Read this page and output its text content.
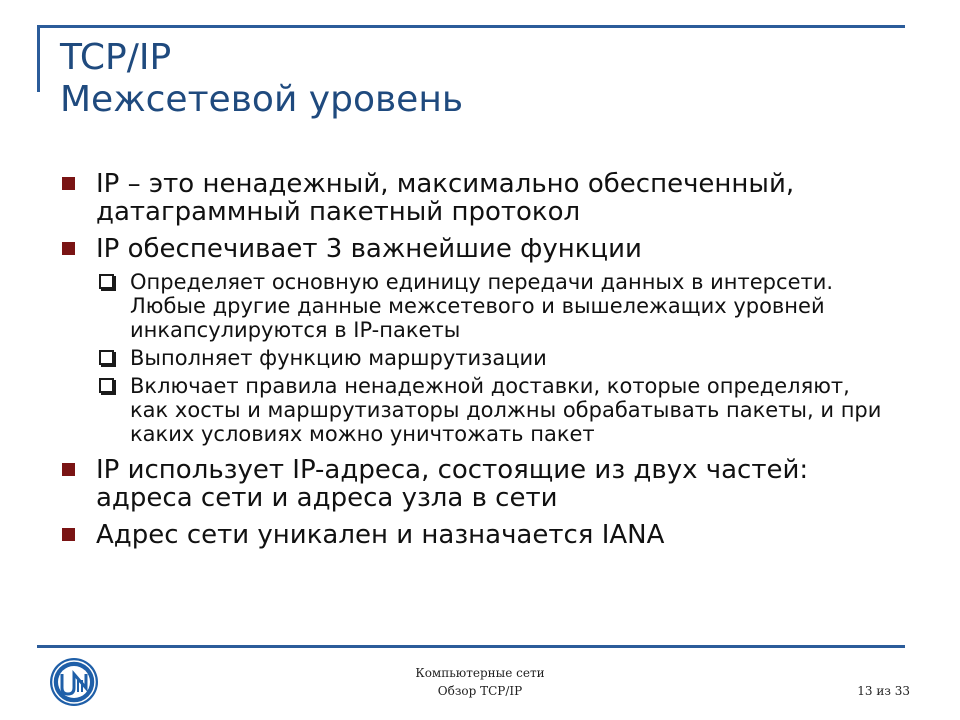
TCP/IP
Межсетевой уровень
IP – это ненадежный, максимально обеспеченный, датаграммный пакетный протокол
IP обеспечивает 3 важнейшие функции
Определяет основную единицу передачи данных в интерсети. Любые другие данные межсетевого и вышележащих уровней инкапсулируются в IP-пакеты
Выполняет функцию маршрутизации
Включает правила ненадежной доставки, которые определяют, как хосты и маршрутизаторы должны обрабатывать пакеты, и при каких условиях можно уничтожать пакет
IP использует IP-адреса, состоящие из двух частей: адреса сети и адреса узла в сети
Адрес сети уникален и назначается IANA
Компьютерные сети
Обзор TCP/IP	13 из 33
